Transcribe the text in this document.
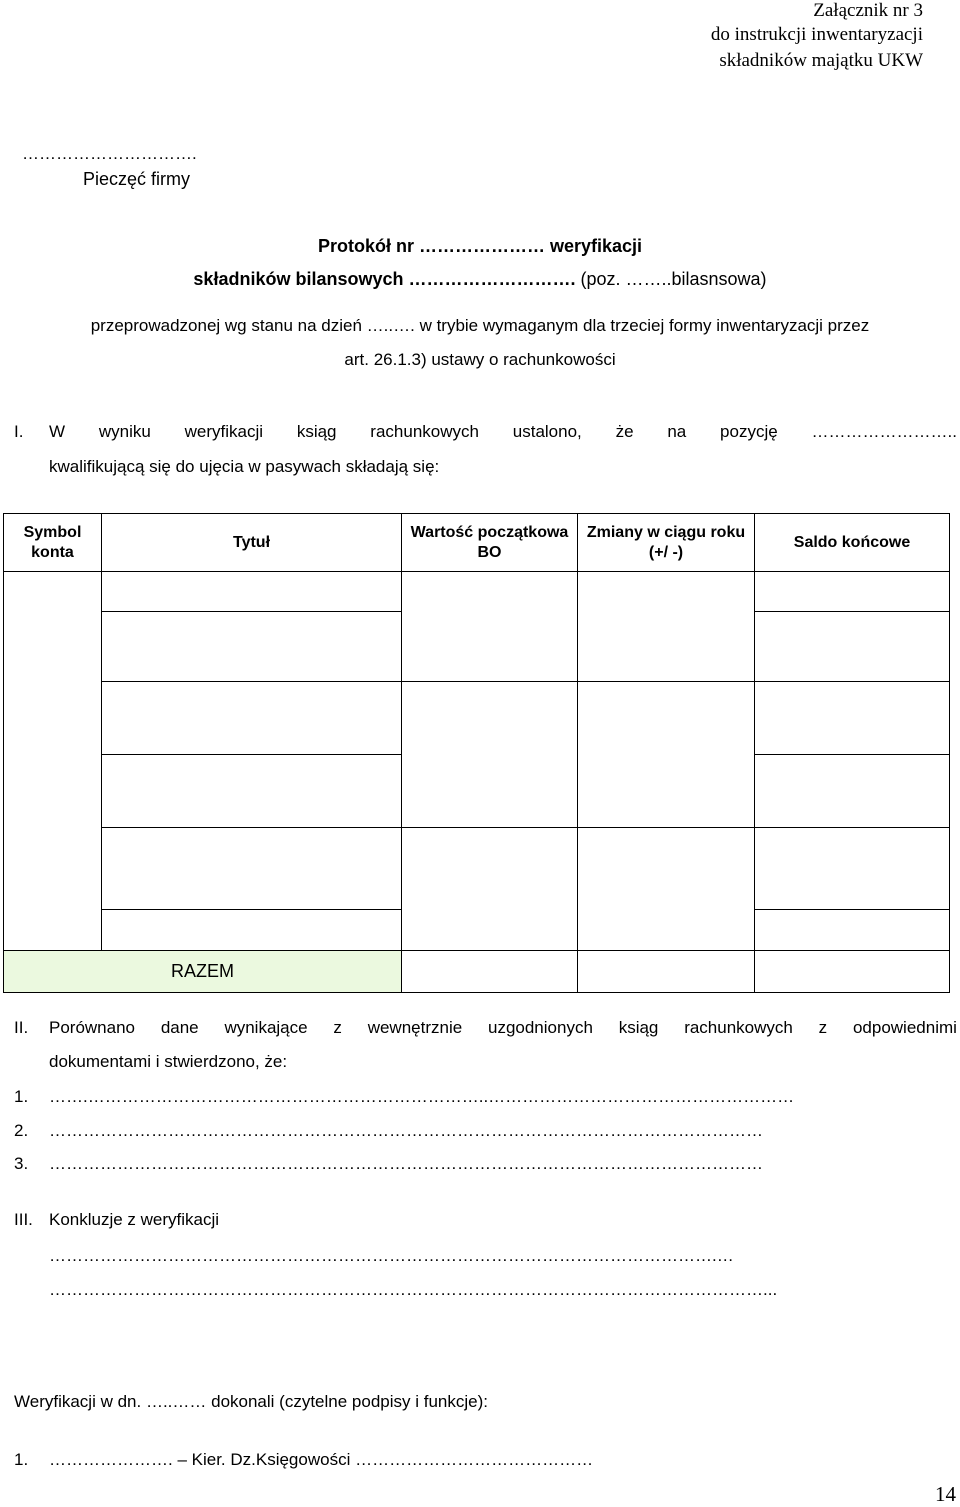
Załącznik nr 3
do instrukcji inwentaryzacji
składników majątku UKW
………………………….
Pieczęć firmy
Protokół nr ………………… weryfikacji
składników bilansowych ………………………. (poz. ……..bilasnsowa)
przeprowadzonej wg stanu na dzień …..…. w trybie wymaganym dla trzeciej formy inwentaryzacji przez
art. 26.1.3) ustawy o rachunkowości
I. W wyniku weryfikacji ksiąg rachunkowych ustalono, że na pozycję ……………………..
kwalifikującą się do ujęcia w pasywach składają się:
Symbol konta	Tytuł	Wartość początkowa BO	Zmiany w ciągu roku (+/ -)	Saldo końcowe

RAZEM				
II. Porównano dane wynikające z wewnętrznie uzgodnionych ksiąg rachunkowych z odpowiednimi
dokumentami i stwierdzono, że:
1. …….……………………………………………………………..………………………………………………
2. ………………………………………………………………………………………………………………
3. ………………………………………………………………………………………………………………
III. Konkluzje z weryfikacji
……………………………………………………………………………………………………….…
………………………………………………………………………………………………………………...
Weryfikacji w dn. …..…… dokonali (czytelne podpisy i funkcje):
1. …………………. – Kier. Dz.Księgowości ……………………………………
14
